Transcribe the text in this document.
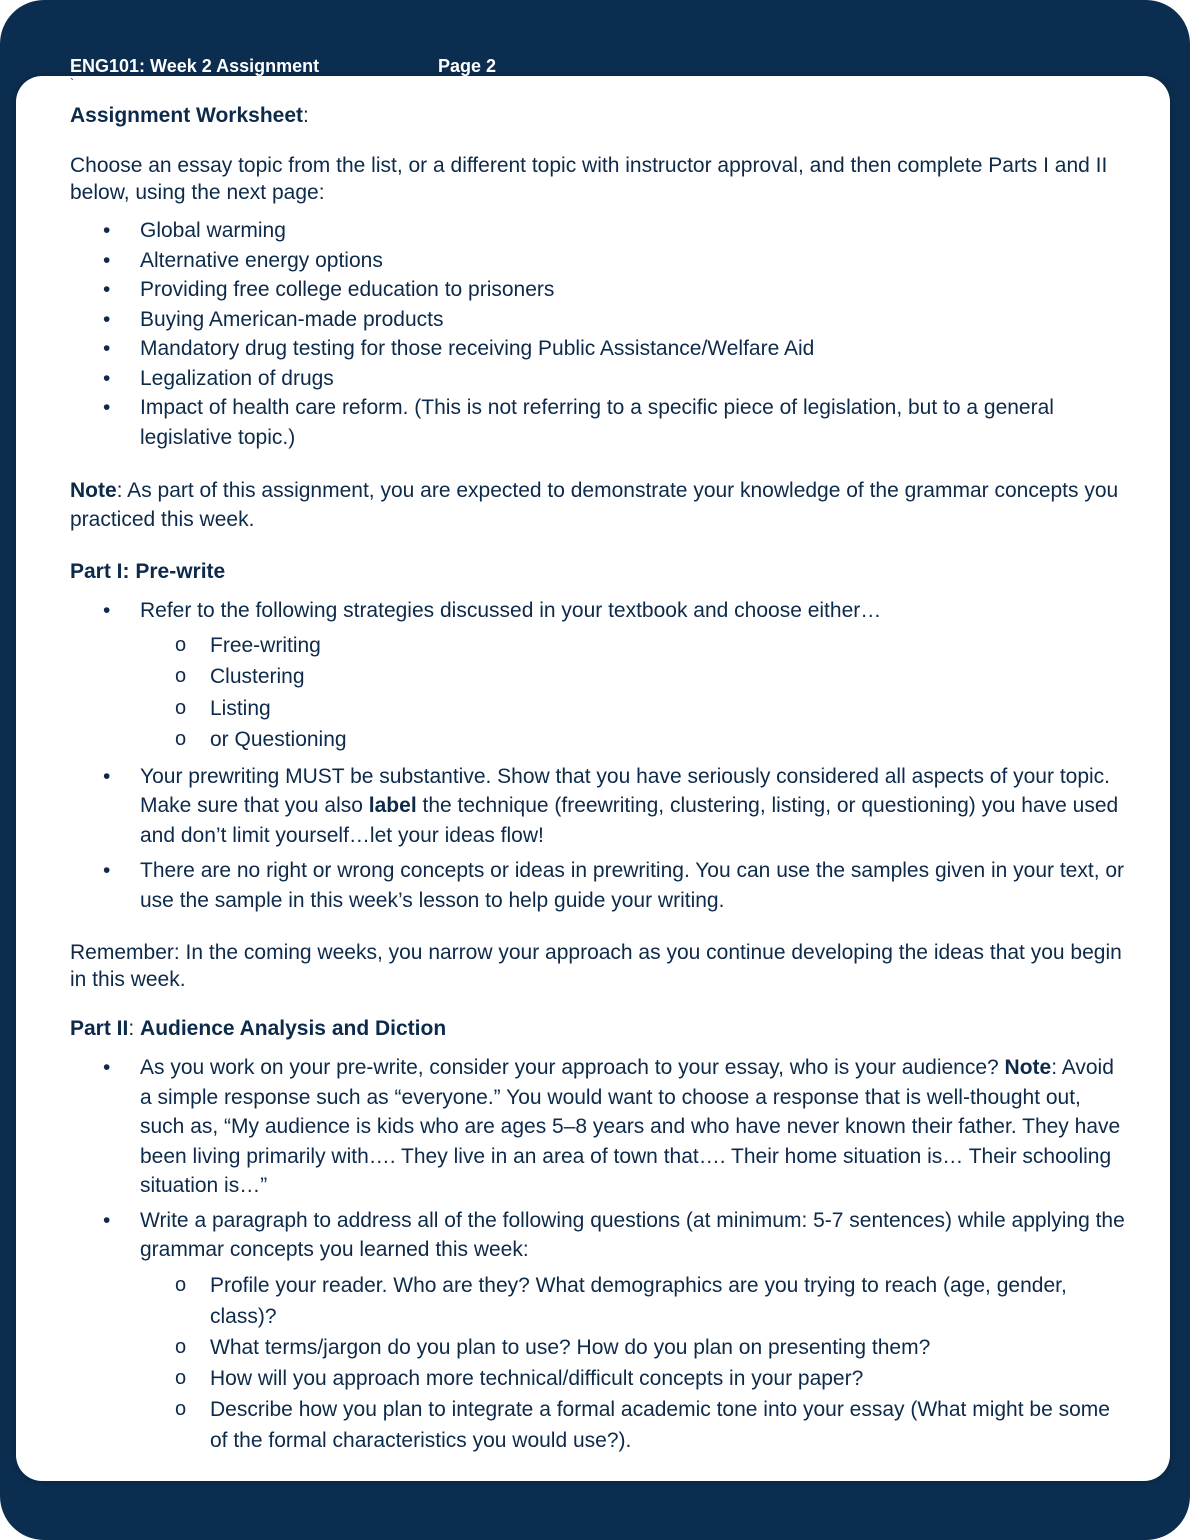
ENG101: Week 2 Assignment	Page 2
`

Assignment Worksheet:

Choose an essay topic from the list, or a different topic with instructor approval, and then complete Parts I and II below, using the next page:

• Global warming
• Alternative energy options
• Providing free college education to prisoners
• Buying American-made products
• Mandatory drug testing for those receiving Public Assistance/Welfare Aid
• Legalization of drugs
• Impact of health care reform. (This is not referring to a specific piece of legislation, but to a general legislative topic.)

Note: As part of this assignment, you are expected to demonstrate your knowledge of the grammar concepts you practiced this week.

Part I: Pre-write

• Refer to the following strategies discussed in your textbook and choose either…
o Free-writing
o Clustering
o Listing
o or Questioning
• Your prewriting MUST be substantive. Show that you have seriously considered all aspects of your topic. Make sure that you also label the technique (freewriting, clustering, listing, or questioning) you have used and don’t limit yourself…let your ideas flow!
• There are no right or wrong concepts or ideas in prewriting. You can use the samples given in your text, or use the sample in this week’s lesson to help guide your writing.

Remember: In the coming weeks, you narrow your approach as you continue developing the ideas that you begin in this week.

Part II: Audience Analysis and Diction

• As you work on your pre-write, consider your approach to your essay, who is your audience? Note: Avoid a simple response such as “everyone.” You would want to choose a response that is well-thought out, such as, “My audience is kids who are ages 5–8 years and who have never known their father. They have been living primarily with…. They live in an area of town that…. Their home situation is… Their schooling situation is…”
• Write a paragraph to address all of the following questions (at minimum: 5-7 sentences) while applying the grammar concepts you learned this week:
o Profile your reader. Who are they? What demographics are you trying to reach (age, gender, class)?
o What terms/jargon do you plan to use? How do you plan on presenting them?
o How will you approach more technical/difficult concepts in your paper?
o Describe how you plan to integrate a formal academic tone into your essay (What might be some of the formal characteristics you would use?).
